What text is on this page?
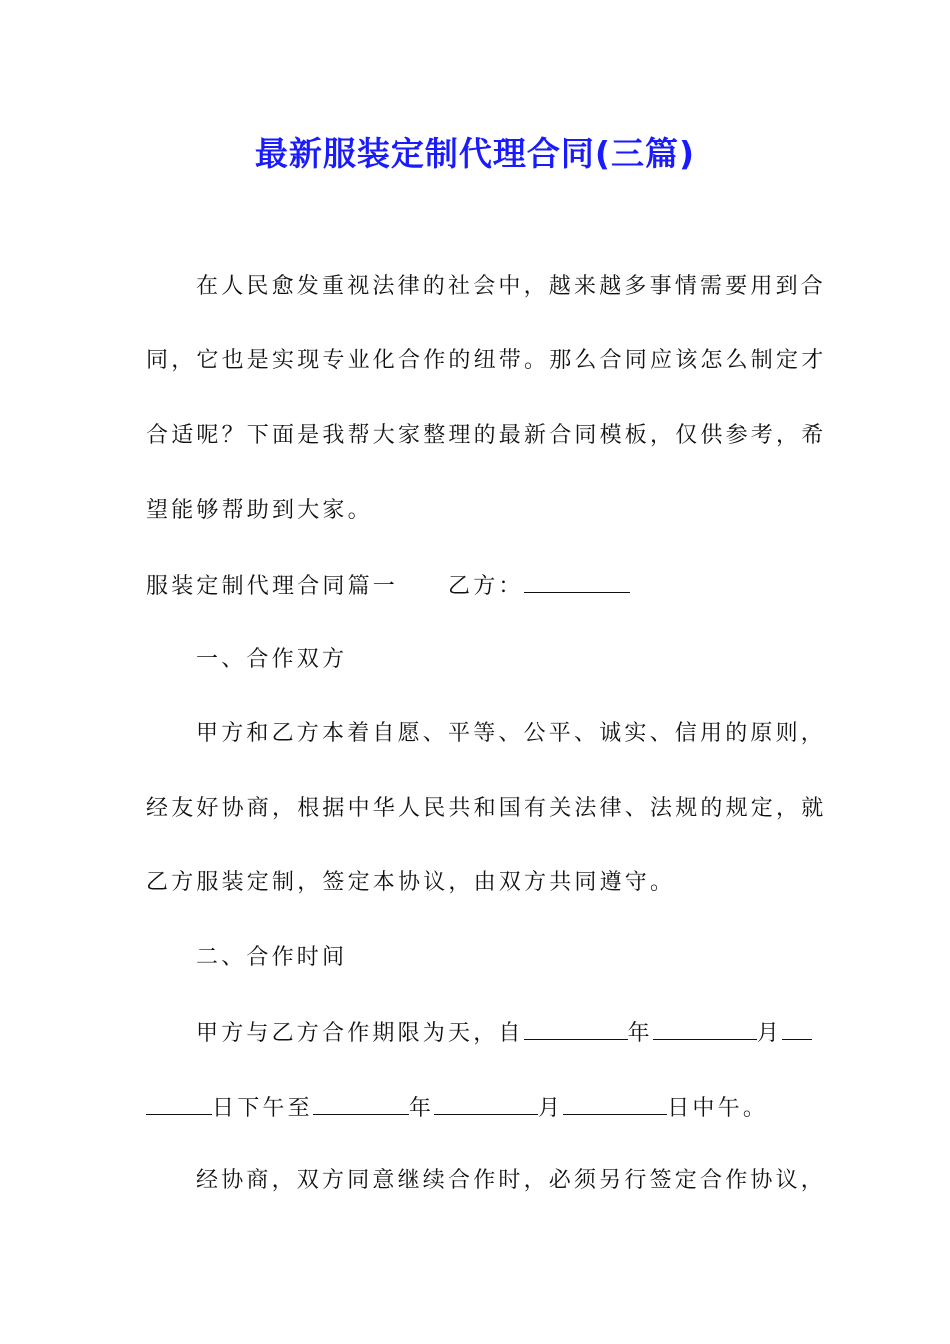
最新服装定制代理合同(三篇)
在人民愈发重视法律的社会中，越来越多事情需要用到合
同，它也是实现专业化合作的纽带。那么合同应该怎么制定才
合适呢？下面是我帮大家整理的最新合同模板，仅供参考，希
望能够帮助到大家。
服装定制代理合同篇一 乙方：
一、合作双方
甲方和乙方本着自愿、平等、公平、诚实、信用的原则，
经友好协商，根据中华人民共和国有关法律、法规的规定，就
乙方服装定制，签定本协议，由双方共同遵守。
二、合作时间
甲方与乙方合作期限为天，自	年	月
日下午至	年	月	日中午。
经协商，双方同意继续合作时，必须另行签定合作协议，
